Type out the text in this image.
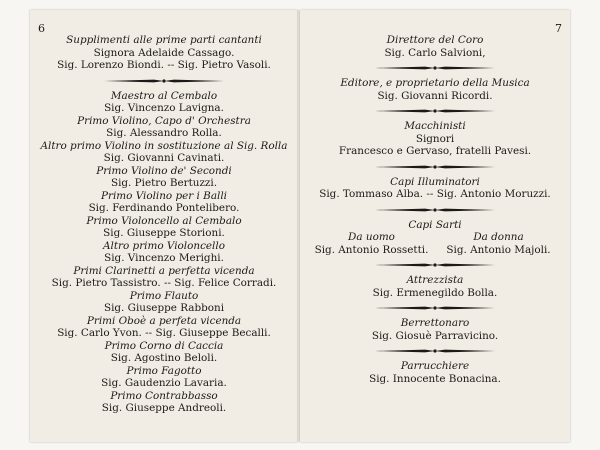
6
Supplimenti alle prime parti cantanti
Signora Adelaide Cassago.
Sig. Lorenzo Biondi. -- Sig. Pietro Vasoli.
Maestro al Cembalo
Sig. Vincenzo Lavigna.
Primo Violino, Capo d' Orchestra
Sig. Alessandro Rolla.
Altro primo Violino in sostituzione al Sig. Rolla
Sig. Giovanni Cavinati.
Primo Violino de' Secondi
Sig. Pietro Bertuzzi.
Primo Violino per i Balli
Sig. Ferdinando Pontelibero.
Primo Violoncello al Cembalo
Sig. Giuseppe Storioni.
Altro primo Violoncello
Sig. Vincenzo Merighi.
Primi Clarinetti a perfetta vicenda
Sig. Pietro Tassistro. -- Sig. Felice Corradi.
Primo Flauto
Sig. Giuseppe Rabboni
Primi Oboè a perfeta vicenda
Sig. Carlo Yvon. -- Sig. Giuseppe Becalli.
Primo Corno di Caccia
Sig. Agostino Beloli.
Primo Fagotto
Sig. Gaudenzio Lavaria.
Primo Contrabbasso
Sig. Giuseppe Andreoli.
7
Direttore del Coro
Sig. Carlo Salvioni,
Editore, e proprietario della Musica
Sig. Giovanni Ricordi.
Macchinisti
Signori
Francesco e Gervaso, fratelli Pavesi.
Capi Illuminatori
Sig. Tommaso Alba. -- Sig. Antonio Moruzzi.
Capi Sarti
Da uomo	Da donna
Sig. Antonio Rossetti.	Sig. Antonio Majoli.
Attrezzista
Sig. Ermenegildo Bolla.
Berrettonaro
Sig. Giosuè Parravicino.
Parrucchiere
Sig. Innocente Bonacina.
